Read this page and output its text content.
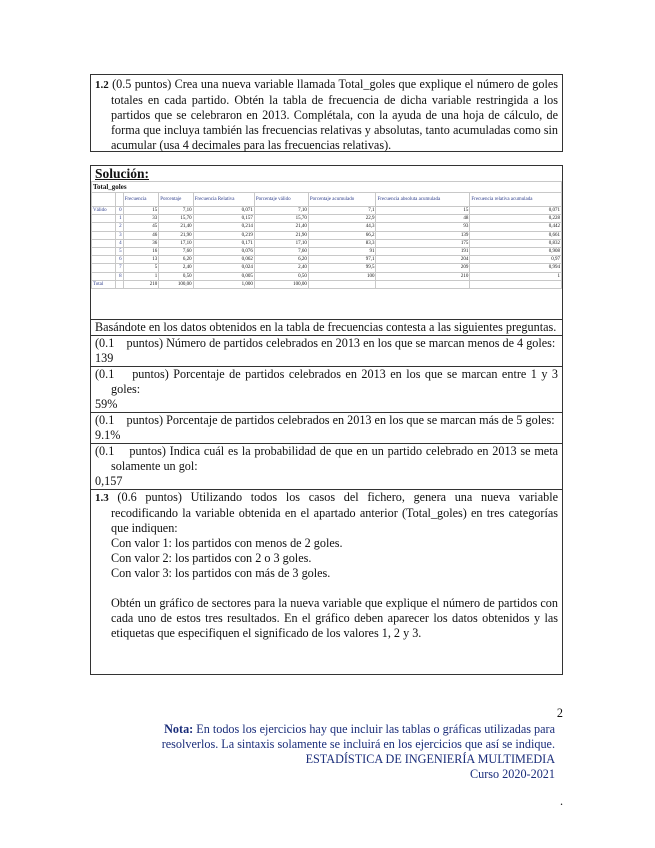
1.2 (0.5 puntos) Crea una nueva variable llamada Total_goles que explique el número de goles totales en cada partido. Obtén la tabla de frecuencia de dicha variable restringida a los partidos que se celebraron en 2013. Complétala, con la ayuda de una hoja de cálculo, de forma que incluya también las frecuencias relativas y absolutas, tanto acumuladas como sin acumular (usa 4 decimales para las frecuencias relativas).
Solución:
Total_goles								
		Frecuencia	Porcentaje	Frecuencia Relativa	Porcentaje válido	Porcentaje acumulado	Frecuencia absoluta acumulada	Frecuencia relativa acumulada
Válido	0	15	7,10	0,071	7,10	7,1	15	0,071
	1	33	15,70	0,157	15,70	22,9	48	0,228
	2	45	21,40	0,214	21,40	44,3	93	0,442
	3	46	21,90	0,219	21,90	66,2	139	0,661
	4	36	17,10	0,171	17,10	83,3	175	0,832
	5	16	7,60	0,076	7,60	91	191	0,908
	6	13	6,20	0,062	6,20	97,1	204	0,97
	7	5	2,40	0,024	2,40	99,5	209	0,994
	8	1	0,50	0,005	0,50	100	210	1
Total		210	100,00	1,000	100,00			
Basándote en los datos obtenidos en la tabla de frecuencias contesta a las siguientes preguntas.
(0.1 puntos) Número de partidos celebrados en 2013 en los que se marcan menos de 4 goles:
139
(0.1 puntos) Porcentaje de partidos celebrados en 2013 en los que se marcan entre 1 y 3 goles:
59%
(0.1 puntos) Porcentaje de partidos celebrados en 2013 en los que se marcan más de 5 goles:
9.1%
(0.1 puntos) Indica cuál es la probabilidad de que en un partido celebrado en 2013 se meta solamente un gol:
0,157
1.3 (0.6 puntos) Utilizando todos los casos del fichero, genera una nueva variable recodificando la variable obtenida en el apartado anterior (Total_goles) en tres categorías que indiquen:
Con valor 1: los partidos con menos de 2 goles.
Con valor 2: los partidos con 2 o 3 goles.
Con valor 3: los partidos con más de 3 goles.
Obtén un gráfico de sectores para la nueva variable que explique el número de partidos con cada uno de estos tres resultados. En el gráfico deben aparecer los datos obtenidos y las etiquetas que especifiquen el significado de los valores 1, 2 y 3.
2
Nota: En todos los ejercicios hay que incluir las tablas o gráficas utilizadas para resolverlos. La sintaxis solamente se incluirá en los ejercicios que así se indique.
ESTADÍSTICA DE INGENIERÍA MULTIMEDIA
Curso 2020-2021
.
